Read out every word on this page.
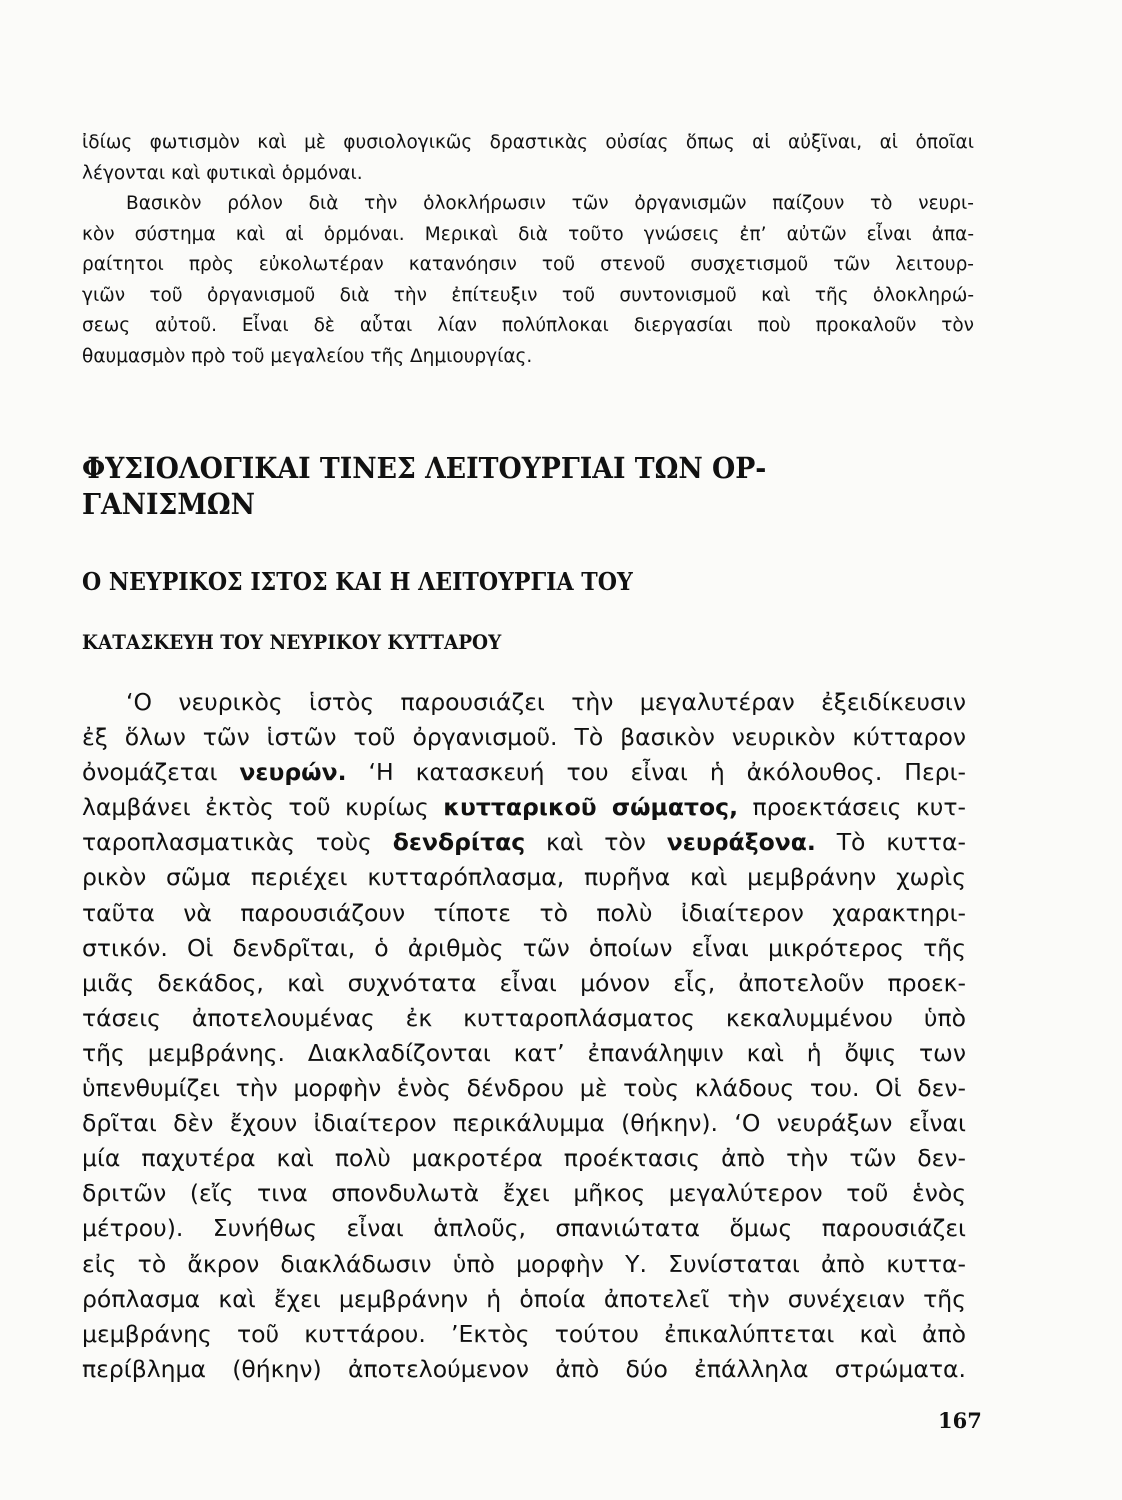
ἰδίως φωτισμὸν καὶ μὲ φυσιολογικῶς δραστικὰς οὐσίας ὅπως αἱ αὐξῖναι, αἱ ὁποῖαι
λέγονται καὶ φυτικαὶ ὁρμόναι.
Βασικὸν ρόλον διὰ τὴν ὁλοκλήρωσιν τῶν ὀργανισμῶν παίζουν τὸ νευρι-
κὸν σύστημα καὶ αἱ ὁρμόναι. Μερικαὶ διὰ τοῦτο γνώσεις ἐπ’ αὐτῶν εἶναι ἀπα-
ραίτητοι πρὸς εὐκολωτέραν κατανόησιν τοῦ στενοῦ συσχετισμοῦ τῶν λειτουρ-
γιῶν τοῦ ὀργανισμοῦ διὰ τὴν ἐπίτευξιν τοῦ συντονισμοῦ καὶ τῆς ὁλοκληρώ-
σεως αὐτοῦ. Εἶναι δὲ αὗται λίαν πολύπλοκαι διεργασίαι ποὺ προκαλοῦν τὸν
θαυμασμὸν πρὸ τοῦ μεγαλείου τῆς Δημιουργίας.
ΦΥΣΙΟΛΟΓΙΚΑΙ ΤΙΝΕΣ ΛΕΙΤΟΥΡΓΙΑΙ ΤΩΝ ΟΡ-
ΓΑΝΙΣΜΩΝ
Ο ΝΕΥΡΙΚΟΣ ΙΣΤΟΣ ΚΑΙ Η ΛΕΙΤΟΥΡΓΙΑ ΤΟΥ
ΚΑΤΑΣΚΕΥΗ ΤΟΥ ΝΕΥΡΙΚΟΥ ΚΥΤΤΑΡΟΥ
‘Ο νευρικὸς ἱστὸς παρουσιάζει τὴν μεγαλυτέραν ἐξειδίκευσιν
ἐξ ὅλων τῶν ἱστῶν τοῦ ὀργανισμοῦ. Τὸ βασικὸν νευρικὸν κύτταρον
ὀνομάζεται νευρών. ‘Η κατασκευή του εἶναι ἡ ἀκόλουθος. Περι-
λαμβάνει ἐκτὸς τοῦ κυρίως κυτταρικοῦ σώματος, προεκτάσεις κυτ-
ταροπλασματικὰς τοὺς δενδρίτας καὶ τὸν νευράξονα. Τὸ κυττα-
ρικὸν σῶμα περιέχει κυτταρόπλασμα, πυρῆνα καὶ μεμβράνην χωρὶς
ταῦτα νὰ παρουσιάζουν τίποτε τὸ πολὺ ἰδιαίτερον χαρακτηρι-
στικόν. Οἱ δενδρῖται, ὁ ἀριθμὸς τῶν ὁποίων εἶναι μικρότερος τῆς
μιᾶς δεκάδος, καὶ συχνότατα εἶναι μόνον εἷς, ἀποτελοῦν προεκ-
τάσεις ἀποτελουμένας ἐκ κυτταροπλάσματος κεκαλυμμένου ὑπὸ
τῆς μεμβράνης. Διακλαδίζονται κατ’ ἐπανάληψιν καὶ ἡ ὄψις των
ὑπενθυμίζει τὴν μορφὴν ἑνὸς δένδρου μὲ τοὺς κλάδους του. Οἱ δεν-
δρῖται δὲν ἔχουν ἰδιαίτερον περικάλυμμα (θήκην). ‘Ο νευράξων εἶναι
μία παχυτέρα καὶ πολὺ μακροτέρα προέκτασις ἀπὸ τὴν τῶν δεν-
δριτῶν (εἴς τινα σπονδυλωτὰ ἔχει μῆκος μεγαλύτερον τοῦ ἑνὸς
μέτρου). Συνήθως εἶναι ἁπλοῦς, σπανιώτατα ὅμως παρουσιάζει
εἰς τὸ ἄκρον διακλάδωσιν ὑπὸ μορφὴν Υ. Συνίσταται ἀπὸ κυττα-
ρόπλασμα καὶ ἔχει μεμβράνην ἡ ὁποία ἀποτελεῖ τὴν συνέχειαν τῆς
μεμβράνης τοῦ κυττάρου. ’Εκτὸς τούτου ἐπικαλύπτεται καὶ ἀπὸ
περίβλημα (θήκην) ἀποτελούμενον ἀπὸ δύο ἐπάλληλα στρώματα.
167
